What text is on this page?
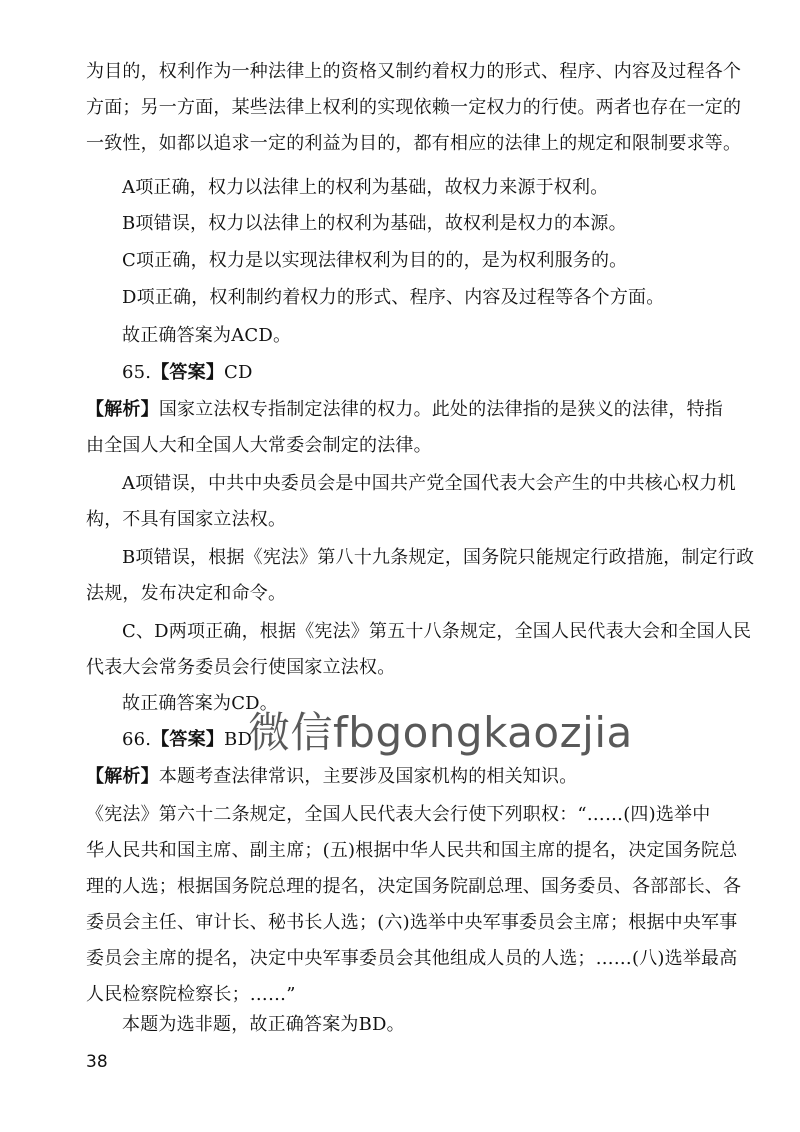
为目的，权利作为一种法律上的资格又制约着权力的形式、程序、内容及过程各个
方面；另一方面，某些法律上权利的实现依赖一定权力的行使。两者也存在一定的
一致性，如都以追求一定的利益为目的，都有相应的法律上的规定和限制要求等。

A项正确，权力以法律上的权利为基础，故权力来源于权利。

B项错误，权力以法律上的权利为基础，故权利是权力的本源。

C项正确，权力是以实现法律权利为目的的，是为权利服务的。

D项正确，权利制约着权力的形式、程序、内容及过程等各个方面。

故正确答案为ACD。

65.【答案】CD

【解析】国家立法权专指制定法律的权力。此处的法律指的是狭义的法律，特指
由全国人大和全国人大常委会制定的法律。

A项错误，中共中央委员会是中国共产党全国代表大会产生的中共核心权力机

构，不具有国家立法权。

B项错误，根据《宪法》第八十九条规定，国务院只能规定行政措施，制定行政

法规，发布决定和命令。

C、D两项正确，根据《宪法》第五十八条规定，全国人民代表大会和全国人民

代表大会常务委员会行使国家立法权。

故正确答案为CD。

66.【答案】BD

【解析】本题考查法律常识，主要涉及国家机构的相关知识。

《宪法》第六十二条规定，全国人民代表大会行使下列职权：“……(四)选举中
华人民共和国主席、副主席；(五)根据中华人民共和国主席的提名，决定国务院总
理的人选；根据国务院总理的提名，决定国务院副总理、国务委员、各部部长、各
委员会主任、审计长、秘书长人选；(六)选举中央军事委员会主席；根据中央军事
委员会主席的提名，决定中央军事委员会其他组成人员的人选；……(八)选举最高
人民检察院检察长；……”

本题为选非题，故正确答案为BD。

微信fbgongkaozjia
38
